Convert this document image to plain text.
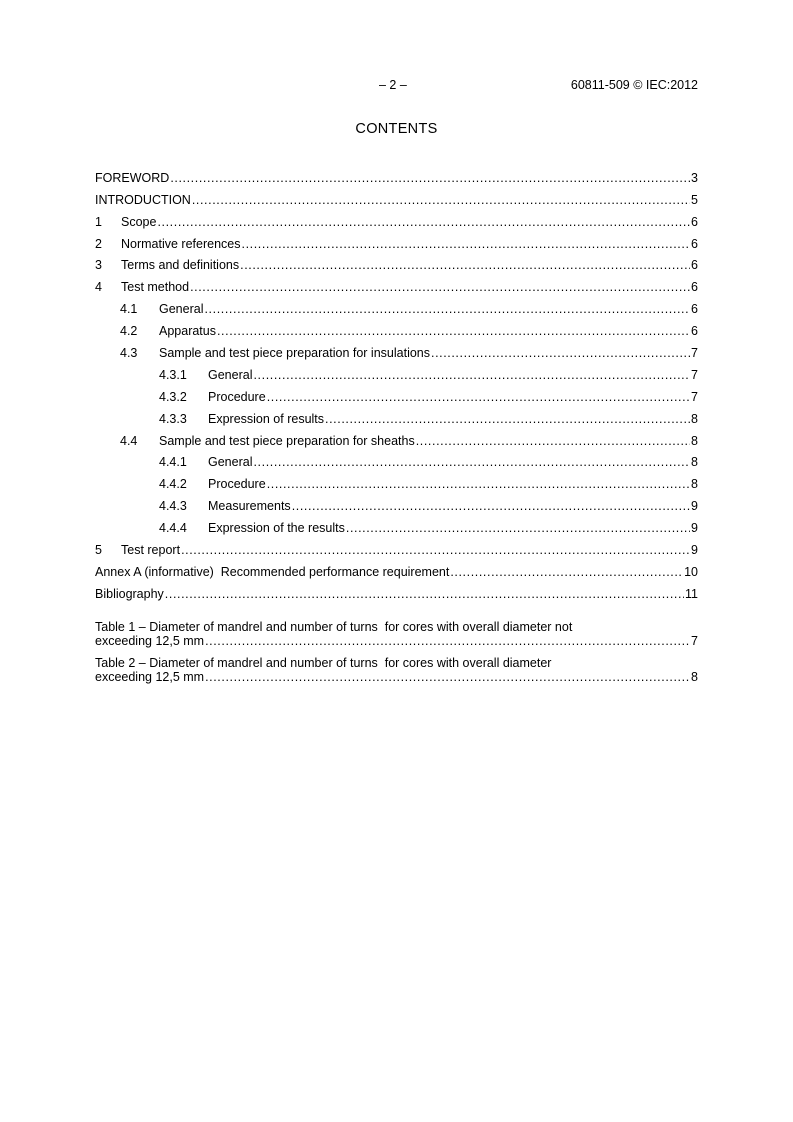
– 2 –	60811-509 © IEC:2012
CONTENTS
FOREWORD .....	3
INTRODUCTION .....	5
1	Scope .....	6
2	Normative references .....	6
3	Terms and definitions .....	6
4	Test method .....	6
4.1	General .....	6
4.2	Apparatus .....	6
4.3	Sample and test piece preparation for insulations .....	7
4.3.1	General .....	7
4.3.2	Procedure .....	7
4.3.3	Expression of results .....	8
4.4	Sample and test piece preparation for sheaths .....	8
4.4.1	General .....	8
4.4.2	Procedure .....	8
4.4.3	Measurements .....	9
4.4.4	Expression of the results .....	9
5	Test report .....	9
Annex A (informative)  Recommended performance requirement .....	10
Bibliography .....	11
Table 1 – Diameter of mandrel and number of turns  for cores with overall diameter not
exceeding 12,5 mm .....	7
Table 2 – Diameter of mandrel and number of turns  for cores with overall diameter
exceeding 12,5 mm .....	8
